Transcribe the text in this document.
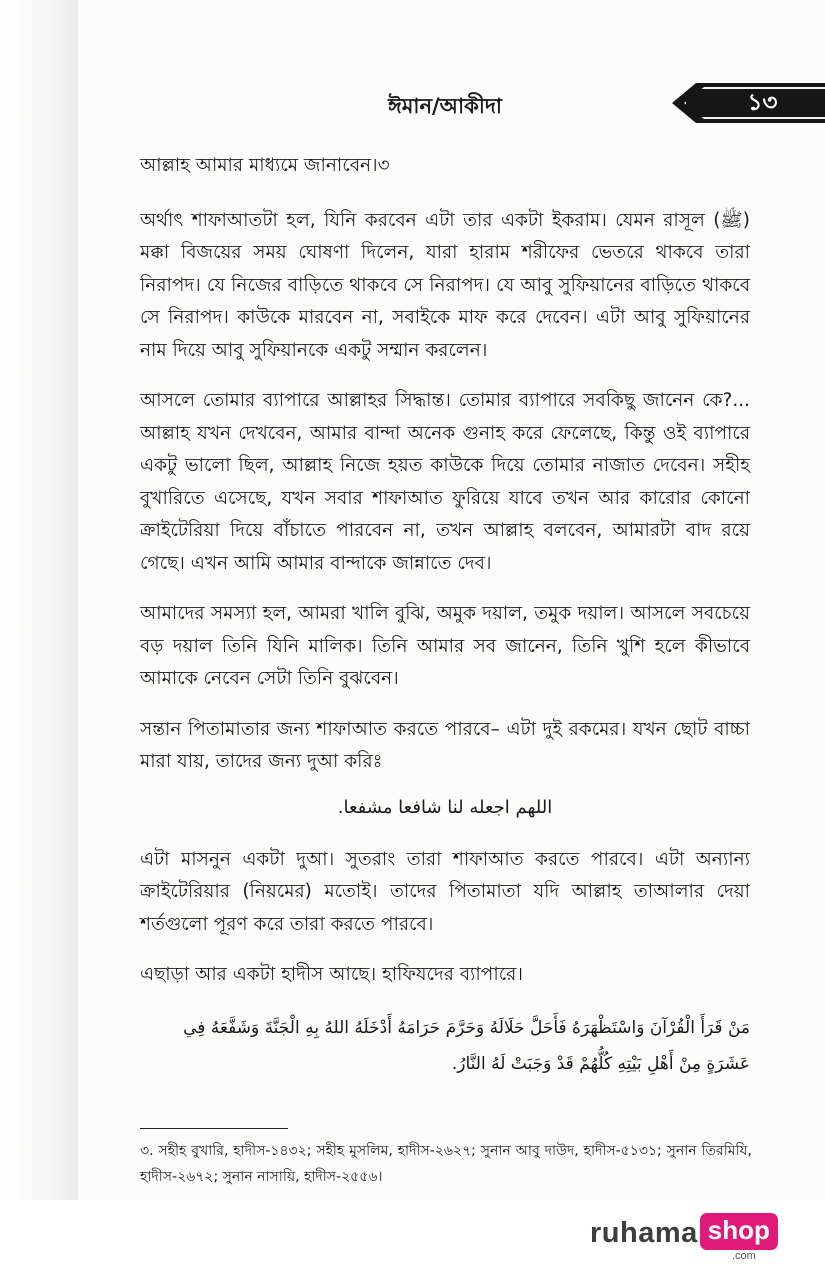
ঈমান/আকীদা	১৩

আল্লাহ আমার মাধ্যমে জানাবেন।৩

অর্থাৎ শাফাআতটা হল, যিনি করবেন এটা তার একটা ইকরাম। যেমন রাসূল (ﷺ) মক্কা বিজয়ের সময় ঘোষণা দিলেন, যারা হারাম শরীফের ভেতরে থাকবে তারা নিরাপদ। যে নিজের বাড়িতে থাকবে সে নিরাপদ। যে আবু সুফিয়ানের বাড়িতে থাকবে সে নিরাপদ। কাউকে মারবেন না, সবাইকে মাফ করে দেবেন। এটা আবু সুফিয়ানের নাম দিয়ে আবু সুফিয়ানকে একটু সম্মান করলেন।

আসলে তোমার ব্যাপারে আল্লাহর সিদ্ধান্ত। তোমার ব্যাপারে সবকিছু জানেন কে?... আল্লাহ যখন দেখবেন, আমার বান্দা অনেক গুনাহ করে ফেলেছে, কিন্তু ওই ব্যাপারে একটু ভালো ছিল, আল্লাহ নিজে হয়ত কাউকে দিয়ে তোমার নাজাত দেবেন। সহীহ বুখারিতে এসেছে, যখন সবার শাফাআত ফুরিয়ে যাবে তখন আর কারোর কোনো ক্রাইটেরিয়া দিয়ে বাঁচাতে পারবেন না, তখন আল্লাহ বলবেন, আমারটা বাদ রয়ে গেছে। এখন আমি আমার বান্দাকে জান্নাতে দেব।

আমাদের সমস্যা হল, আমরা খালি বুঝি, অমুক দয়াল, তমুক দয়াল। আসলে সবচেয়ে বড় দয়াল তিনি যিনি মালিক। তিনি আমার সব জানেন, তিনি খুশি হলে কীভাবে আমাকে নেবেন সেটা তিনি বুঝবেন।

সন্তান পিতামাতার জন্য শাফাআত করতে পারবে– এটা দুই রকমের। যখন ছোট বাচ্চা মারা যায়, তাদের জন্য দুআ করিঃ

اللهم اجعله لنا شافعا مشفعا.

এটা মাসনুন একটা দুআ। সুতরাং তারা শাফাআত করতে পারবে। এটা অন্যান্য ক্রাইটেরিয়ার (নিয়মের) মতোই। তাদের পিতামাতা যদি আল্লাহ তাআলার দেয়া শর্তগুলো পূরণ করে তারা করতে পারবে।

এছাড়া আর একটা হাদীস আছে। হাফিযদের ব্যাপারে।

مَنْ قَرَأَ الْقُرْآنَ وَاسْتَظْهَرَهُ فَأَحَلَّ حَلَالَهُ وَحَرَّمَ حَرَامَهُ أَدْخَلَهُ اللهُ بِهِ الْجَنَّةَ وَشَفَّعَهُ فِي عَشَرَةٍ مِنْ أَهْلِ بَيْتِهِ كُلُّهُمْ قَدْ وَجَبَتْ لَهُ النَّارُ.
৩. সহীহ বুখারি, হাদীস-১৪৩২; সহীহ মুসলিম, হাদীস-২৬২৭; সুনান আবু দাউদ, হাদীস-৫১৩১; সুনান তিরমিযি, হাদীস-২৬৭২; সুনান নাসায়ি, হাদীস-২৫৫৬।
ruhama shop
.com
